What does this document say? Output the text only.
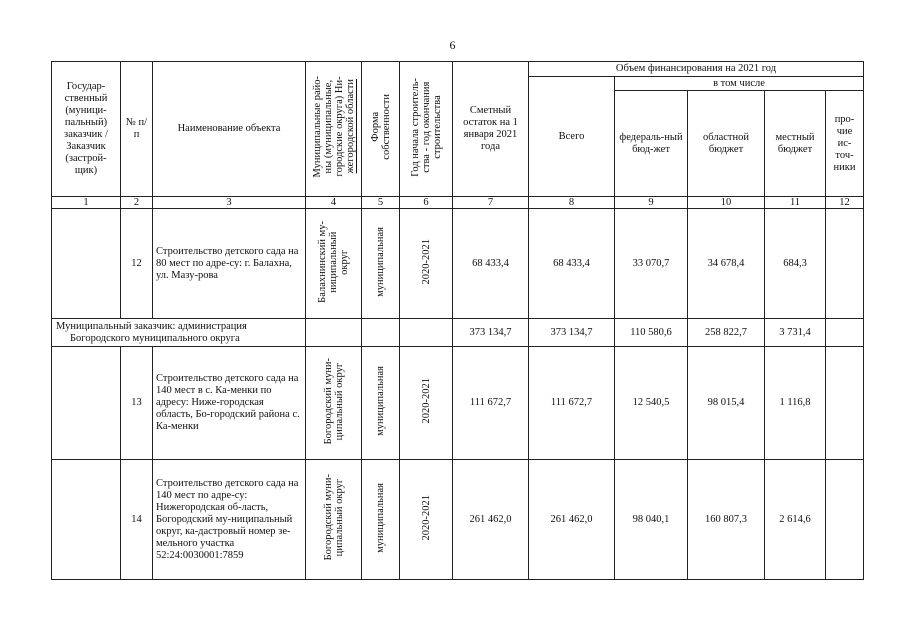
6
Государ-ственный (муници-пальный) заказчик / Заказчик (застрой-щик)	№ п/п	Наименование объекта	Муниципальные райо-
ны (муниципальные,
городские округа) Ни-
жегородской области	Форма
собственности	Год начала строитель-
ства - год окончания
строительства	Сметный остаток на 1 января 2021 года	Объем финансирования на 2021 год				
							Всего	в том числе			
								федераль-ный бюд-жет	областной бюджет	местный бюджет	про-чие ис-точ-ники
1	2	3	4	5	6	7	8	9	10	11	12
	12	Строительство детского сада на 80 мест по адре-су: г. Балахна, ул. Мазу-рова	Балахнинский му-
ниципальный
округ	муниципальная	2020-2021	68 433,4	68 433,4	33 070,7	34 678,4	684,3	

Муниципальный заказчик: администрация
Богородского муниципального округа						373 134,7	373 134,7	110 580,6	258 822,7	3 731,4	
	13	Строительство детского сада на 140 мест в с. Ка-менки по адресу: Ниже-городская область, Бо-городский района с. Ка-менки	Богородский муни-
ципальный округ	муниципальная	2020-2021	111 672,7	111 672,7	12 540,5	98 015,4	1 116,8	
	14	Строительство детского сада на 140 мест по адре-су: Нижегородская об-ласть, Богородский му-ниципальный округ, ка-дастровый номер зе-мельного участка 52:24:0030001:7859	Богородский муни-
ципальный округ	муниципальная	2020-2021	261 462,0	261 462,0	98 040,1	160 807,3	2 614,6	
